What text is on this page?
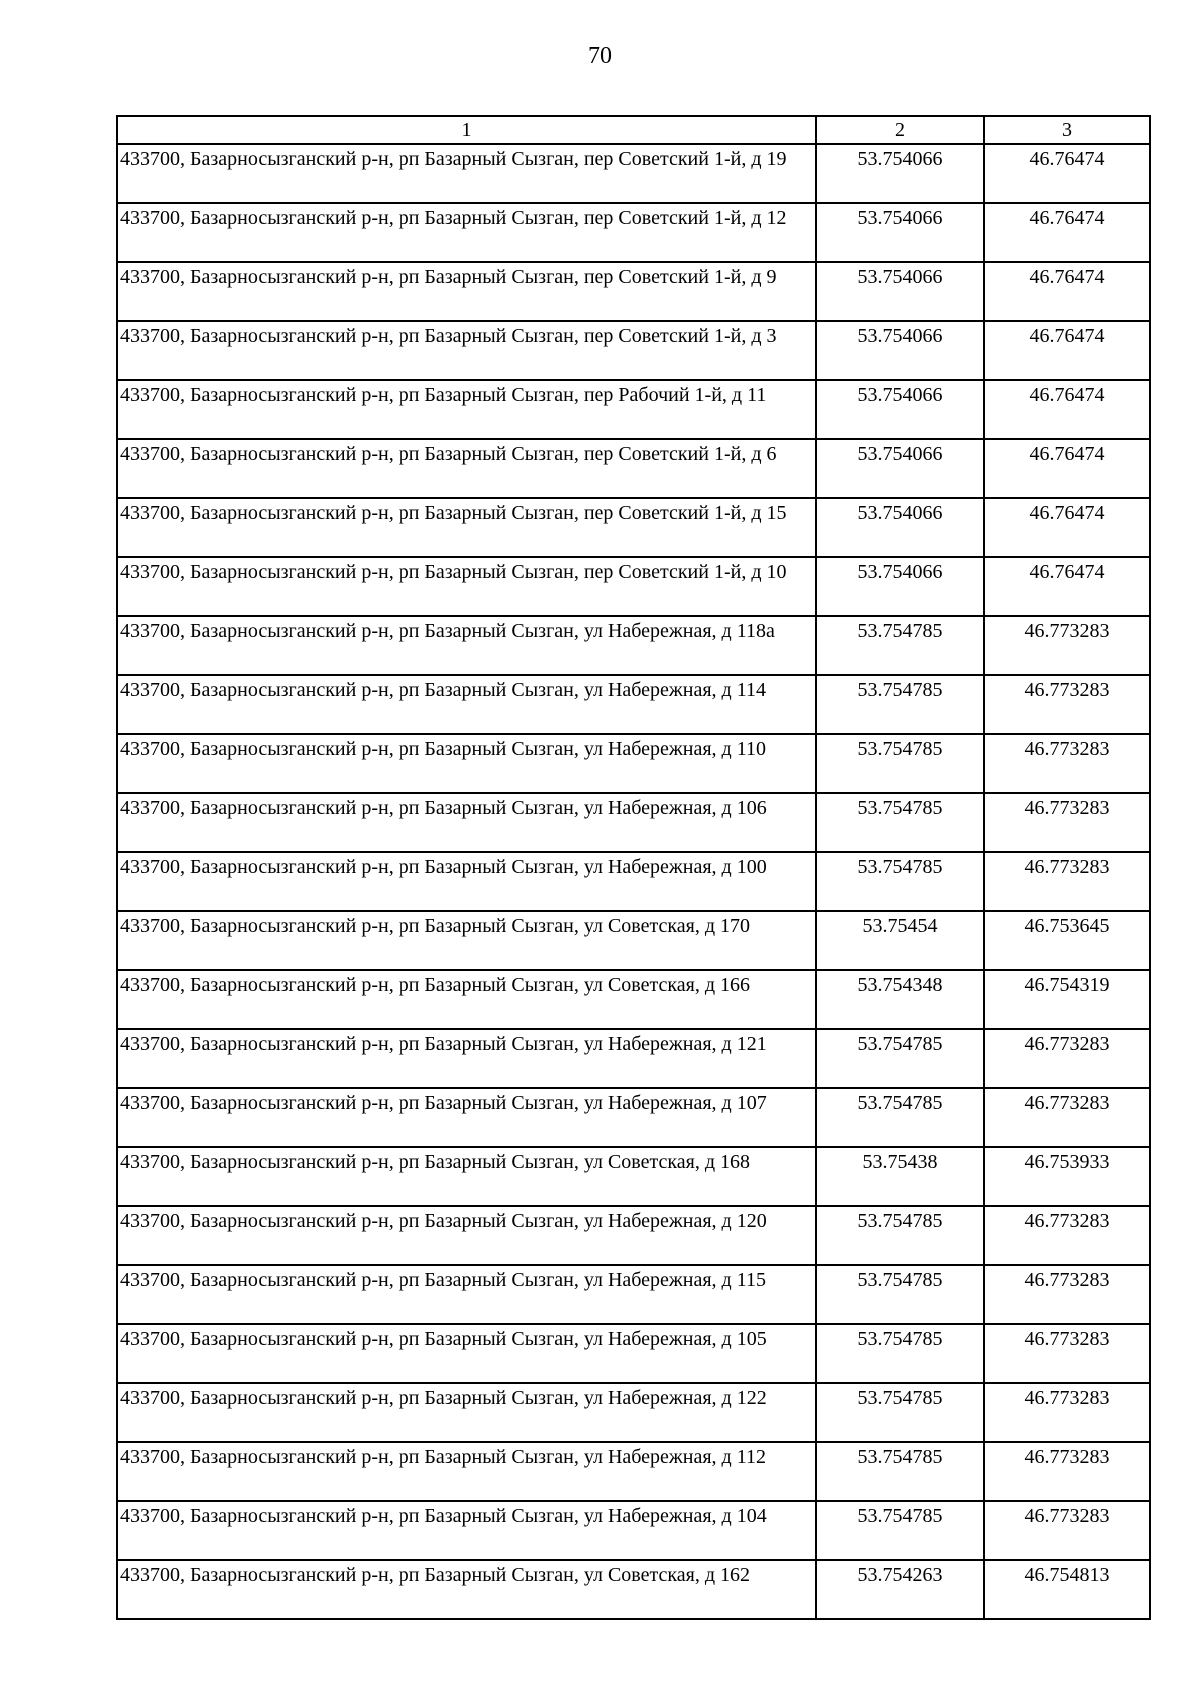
70
1	2	3
433700, Базарносызганский р-н, рп Базарный Сызган, пер Советский 1-й, д 19	53.754066	46.76474
433700, Базарносызганский р-н, рп Базарный Сызган, пер Советский 1-й, д 12	53.754066	46.76474
433700, Базарносызганский р-н, рп Базарный Сызган, пер Советский 1-й, д 9	53.754066	46.76474
433700, Базарносызганский р-н, рп Базарный Сызган, пер Советский 1-й, д 3	53.754066	46.76474
433700, Базарносызганский р-н, рп Базарный Сызган, пер Рабочий 1-й, д 11	53.754066	46.76474
433700, Базарносызганский р-н, рп Базарный Сызган, пер Советский 1-й, д 6	53.754066	46.76474
433700, Базарносызганский р-н, рп Базарный Сызган, пер Советский 1-й, д 15	53.754066	46.76474
433700, Базарносызганский р-н, рп Базарный Сызган, пер Советский 1-й, д 10	53.754066	46.76474
433700, Базарносызганский р-н, рп Базарный Сызган, ул Набережная, д 118а	53.754785	46.773283
433700, Базарносызганский р-н, рп Базарный Сызган, ул Набережная, д 114	53.754785	46.773283
433700, Базарносызганский р-н, рп Базарный Сызган, ул Набережная, д 110	53.754785	46.773283
433700, Базарносызганский р-н, рп Базарный Сызган, ул Набережная, д 106	53.754785	46.773283
433700, Базарносызганский р-н, рп Базарный Сызган, ул Набережная, д 100	53.754785	46.773283
433700, Базарносызганский р-н, рп Базарный Сызган, ул Советская, д 170	53.75454	46.753645
433700, Базарносызганский р-н, рп Базарный Сызган, ул Советская, д 166	53.754348	46.754319
433700, Базарносызганский р-н, рп Базарный Сызган, ул Набережная, д 121	53.754785	46.773283
433700, Базарносызганский р-н, рп Базарный Сызган, ул Набережная, д 107	53.754785	46.773283
433700, Базарносызганский р-н, рп Базарный Сызган, ул Советская, д 168	53.75438	46.753933
433700, Базарносызганский р-н, рп Базарный Сызган, ул Набережная, д 120	53.754785	46.773283
433700, Базарносызганский р-н, рп Базарный Сызган, ул Набережная, д 115	53.754785	46.773283
433700, Базарносызганский р-н, рп Базарный Сызган, ул Набережная, д 105	53.754785	46.773283
433700, Базарносызганский р-н, рп Базарный Сызган, ул Набережная, д 122	53.754785	46.773283
433700, Базарносызганский р-н, рп Базарный Сызган, ул Набережная, д 112	53.754785	46.773283
433700, Базарносызганский р-н, рп Базарный Сызган, ул Набережная, д 104	53.754785	46.773283
433700, Базарносызганский р-н, рп Базарный Сызган, ул Советская, д 162	53.754263	46.754813
